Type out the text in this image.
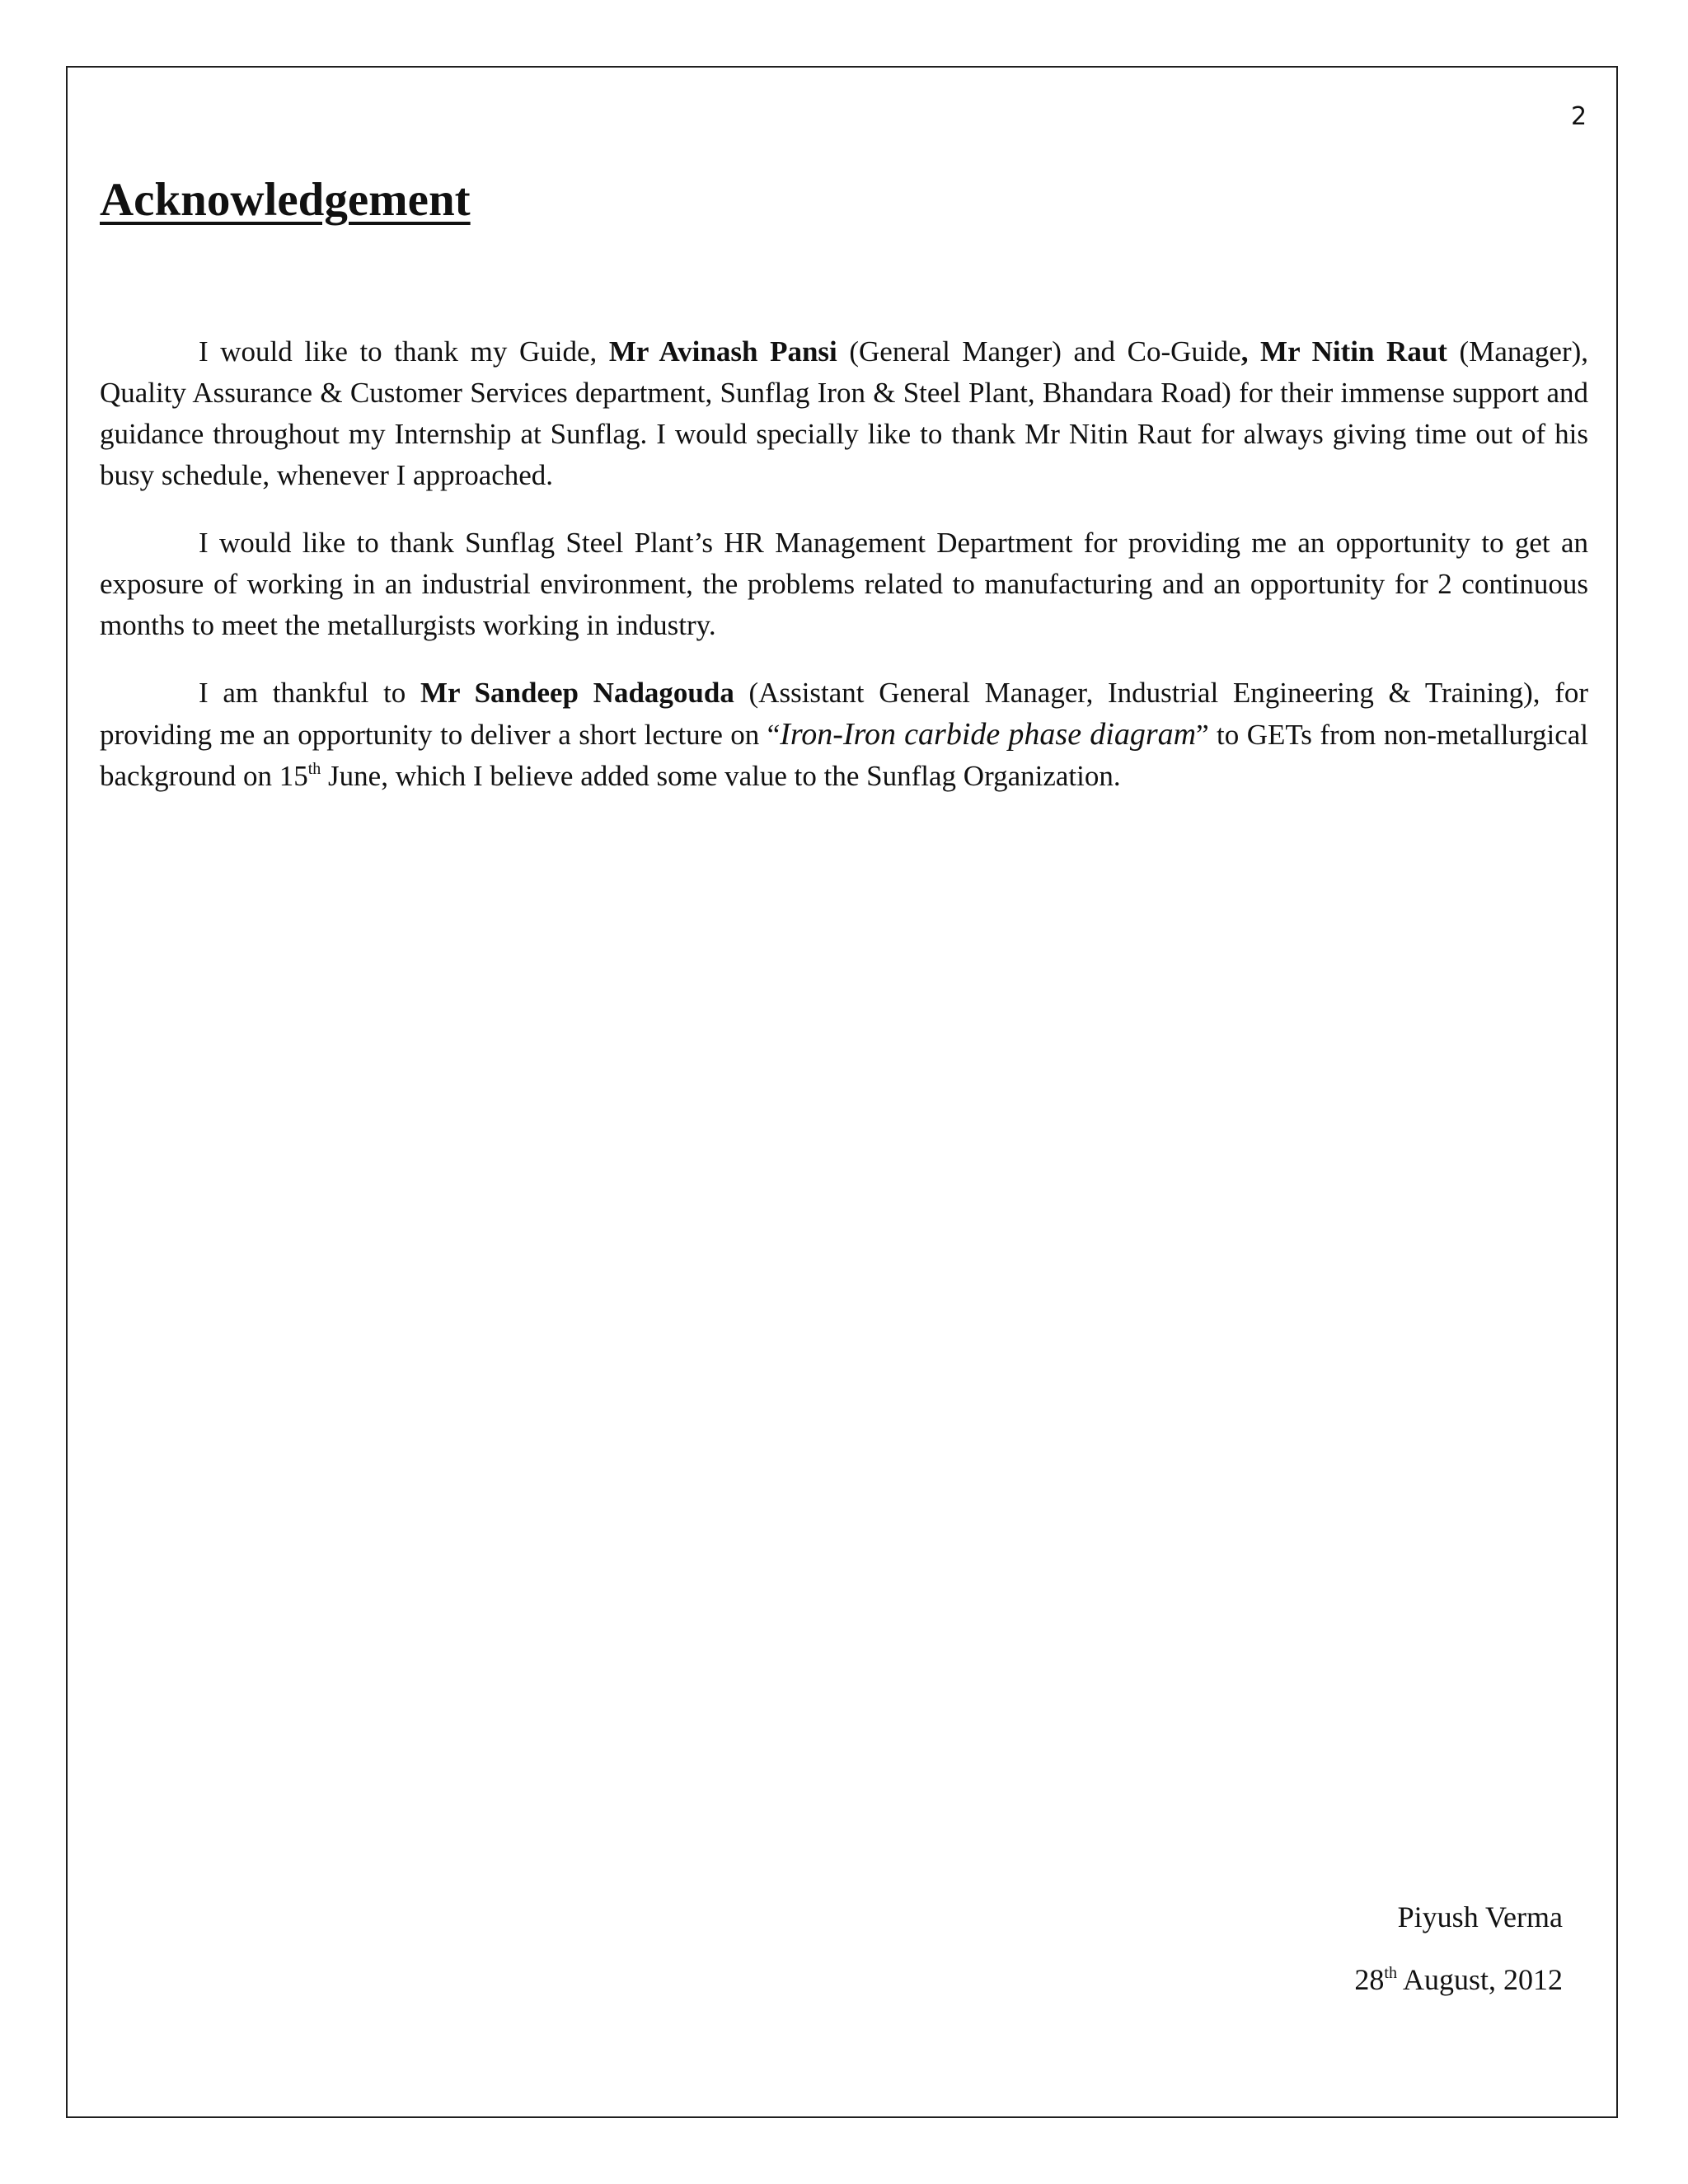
2
Acknowledgement

I would like to thank my Guide, Mr Avinash Pansi (General Manger) and Co-Guide, Mr Nitin Raut (Manager), Quality Assurance & Customer Services department, Sunflag Iron & Steel Plant, Bhandara Road) for their immense support and guidance throughout my Internship at Sunflag. I would specially like to thank Mr Nitin Raut for always giving time out of his busy schedule, whenever I approached.

I would like to thank Sunflag Steel Plant’s HR Management Department for providing me an opportunity to get an exposure of working in an industrial environment, the problems related to manufacturing and an opportunity for 2 continuous months to meet the metallurgists working in industry.

I am thankful to Mr Sandeep Nadagouda (Assistant General Manager, Industrial Engineering & Training), for providing me an opportunity to deliver a short lecture on “Iron-Iron carbide phase diagram” to GETs from non-metallurgical background on 15th June, which I believe added some value to the Sunflag Organization.

Piyush Verma
28th August, 2012
